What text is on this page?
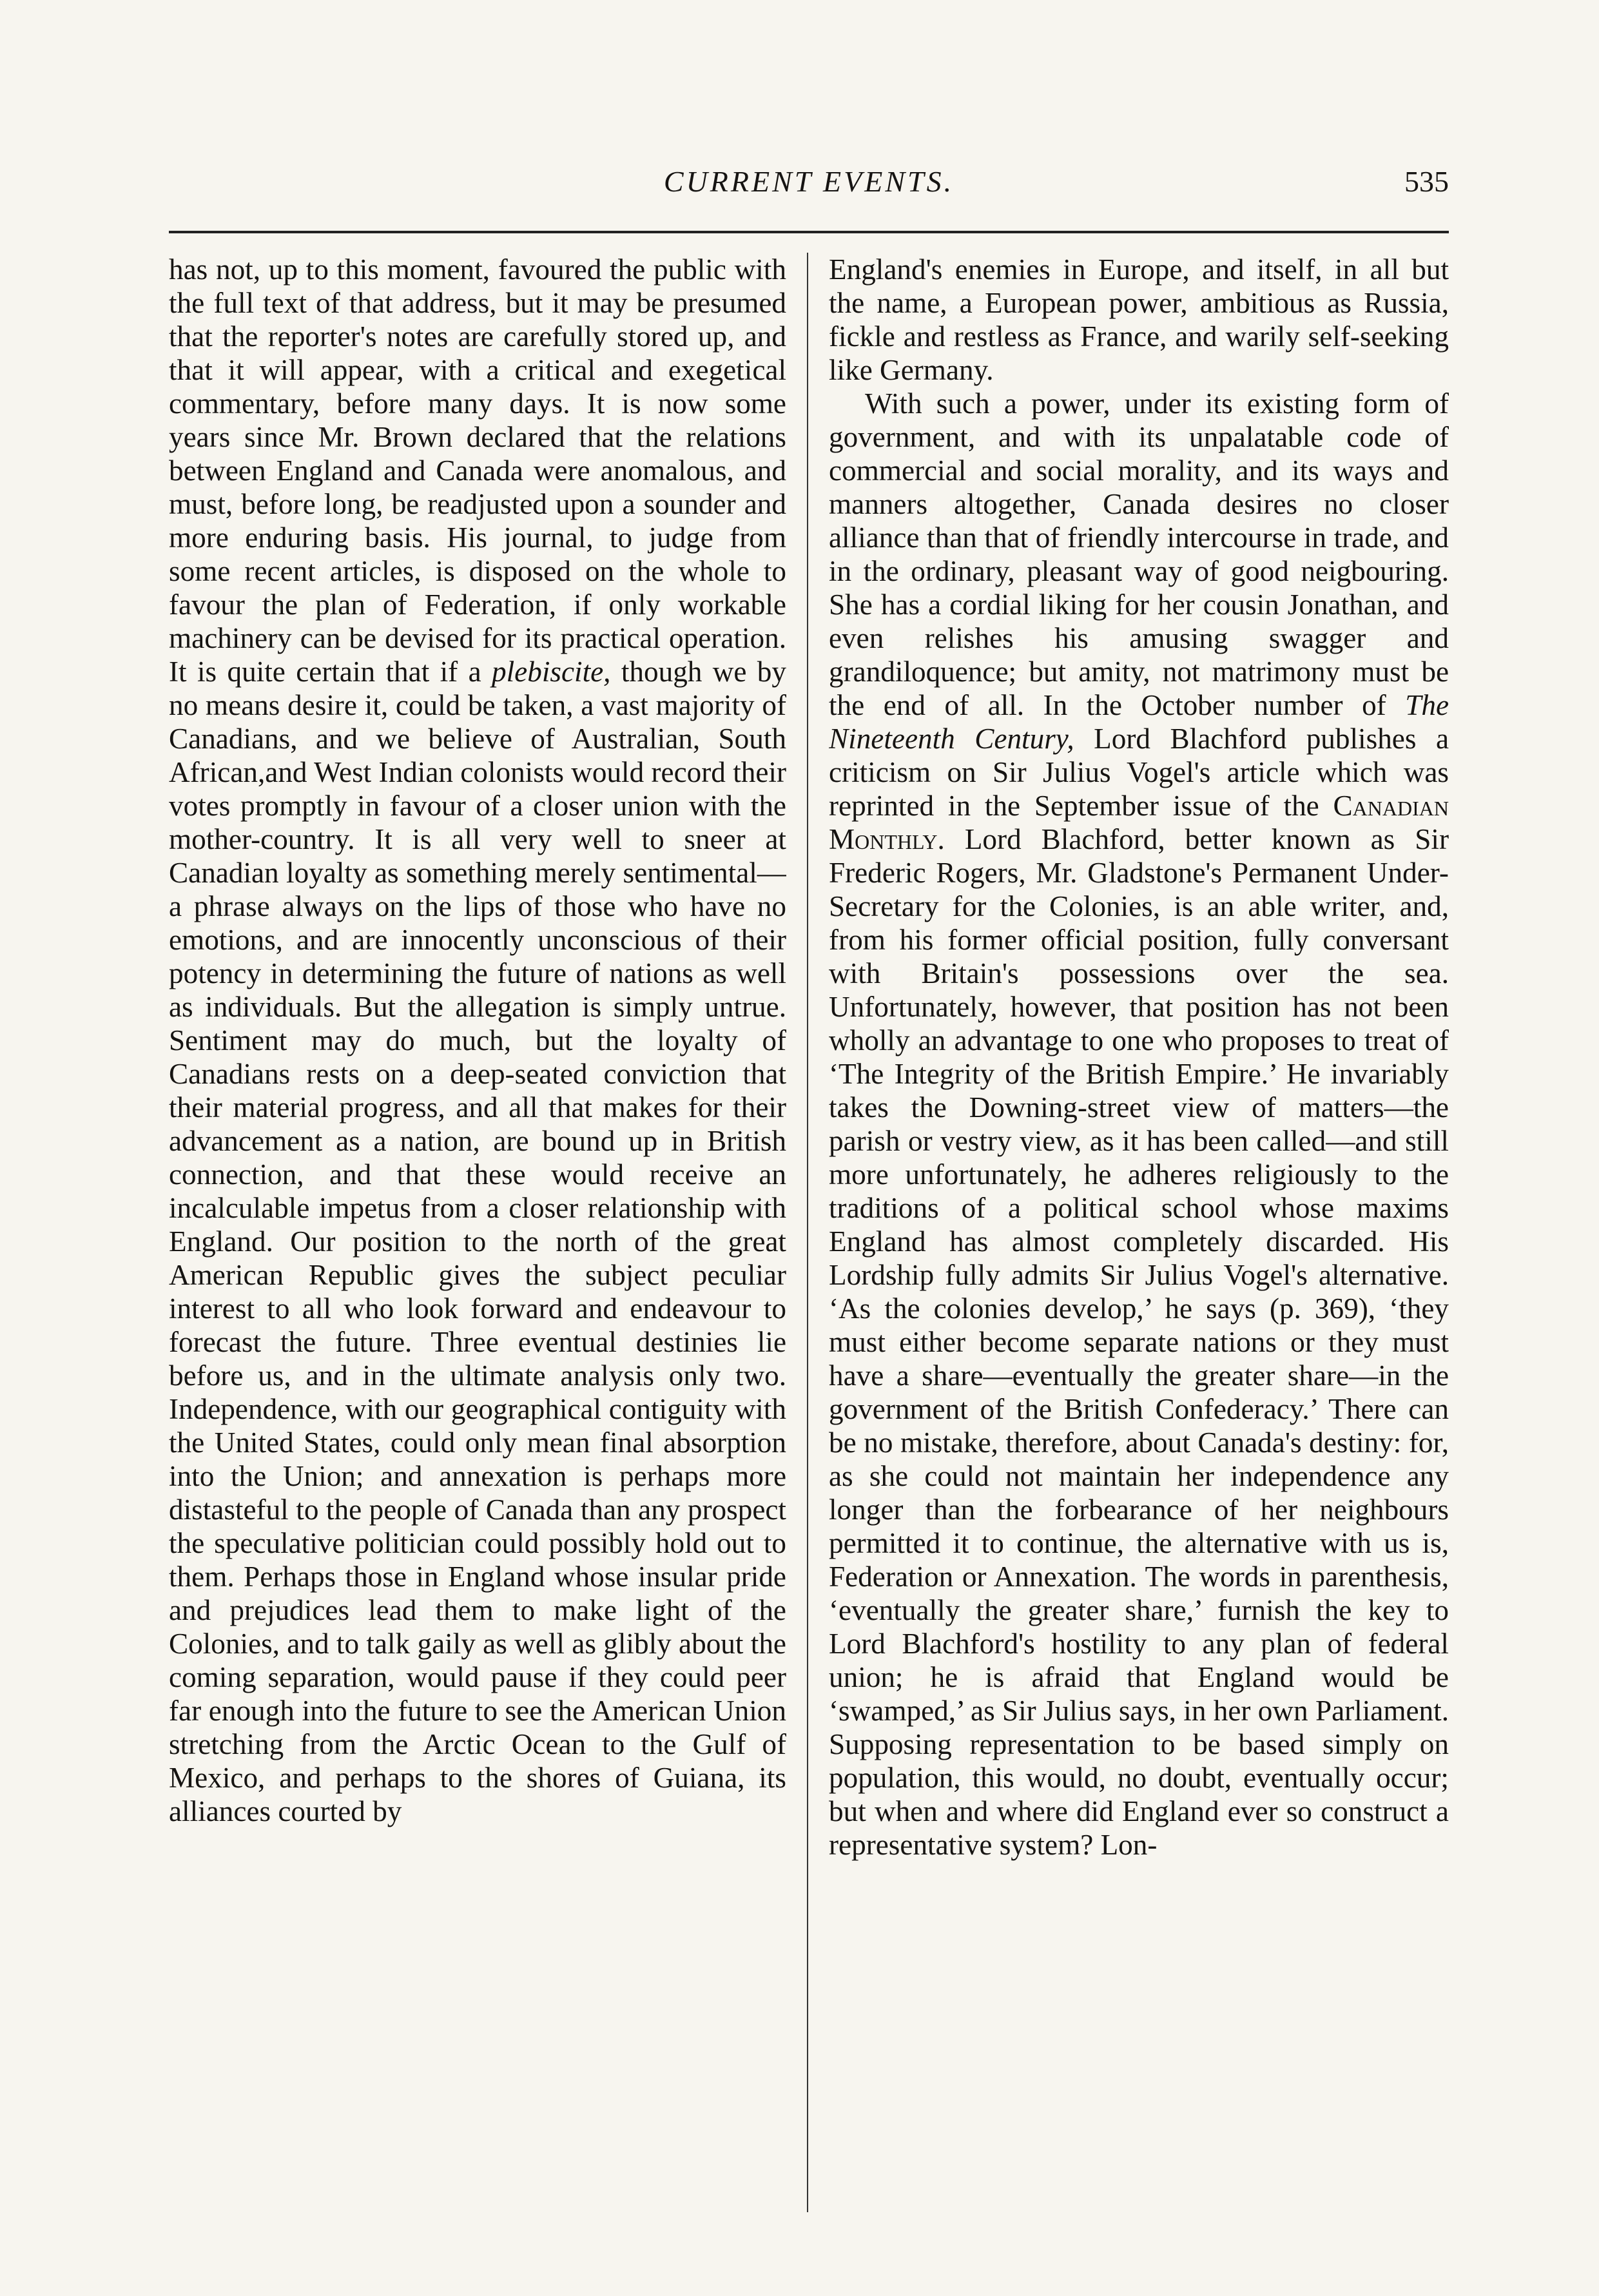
CURRENT EVENTS.	535

has not, up to this moment, favoured the public with the full text of that address, but it may be presumed that the reporter's notes are carefully stored up, and that it will appear, with a critical and exegetical commentary, before many days. It is now some years since Mr. Brown declared that the relations between England and Canada were anomalous, and must, before long, be readjusted upon a sounder and more enduring basis. His journal, to judge from some recent articles, is disposed on the whole to favour the plan of Federation, if only workable machinery can be devised for its practical operation. It is quite certain that if a plebiscite, though we by no means desire it, could be taken, a vast majority of Canadians, and we believe of Australian, South African,and West Indian colonists would record their votes promptly in favour of a closer union with the mother-country. It is all very well to sneer at Canadian loyalty as something merely sentimental—a phrase always on the lips of those who have no emotions, and are innocently unconscious of their potency in determining the future of nations as well as individuals. But the allegation is simply untrue. Sentiment may do much, but the loyalty of Canadians rests on a deep-seated conviction that their material progress, and all that makes for their advancement as a nation, are bound up in British connection, and that these would receive an incalculable impetus from a closer relationship with England. Our position to the north of the great American Republic gives the subject peculiar interest to all who look forward and endeavour to forecast the future. Three eventual destinies lie before us, and in the ultimate analysis only two. Independence, with our geographical contiguity with the United States, could only mean final absorption into the Union; and annexation is perhaps more distasteful to the people of Canada than any prospect the speculative politician could possibly hold out to them. Perhaps those in England whose insular pride and prejudices lead them to make light of the Colonies, and to talk gaily as well as glibly about the coming separation, would pause if they could peer far enough into the future to see the American Union stretching from the Arctic Ocean to the Gulf of Mexico, and perhaps to the shores of Guiana, its alliances courted by

England's enemies in Europe, and itself, in all but the name, a European power, ambitious as Russia, fickle and restless as France, and warily self-seeking like Germany.

With such a power, under its existing form of government, and with its unpalatable code of commercial and social morality, and its ways and manners altogether, Canada desires no closer alliance than that of friendly intercourse in trade, and in the ordinary, pleasant way of good neigbouring. She has a cordial liking for her cousin Jonathan, and even relishes his amusing swagger and grandiloquence; but amity, not matrimony must be the end of all. In the October number of The Nineteenth Century, Lord Blachford publishes a criticism on Sir Julius Vogel's article which was reprinted in the September issue of the Canadian Monthly. Lord Blachford, better known as Sir Frederic Rogers, Mr. Gladstone's Permanent Under-Secretary for the Colonies, is an able writer, and, from his former official position, fully conversant with Britain's possessions over the sea. Unfortunately, however, that position has not been wholly an advantage to one who proposes to treat of ‘The Integrity of the British Empire.’ He invariably takes the Downing-street view of matters—the parish or vestry view, as it has been called—and still more unfortunately, he adheres religiously to the traditions of a political school whose maxims England has almost completely discarded. His Lordship fully admits Sir Julius Vogel's alternative. ‘As the colonies develop,’ he says (p. 369), ‘they must either become separate nations or they must have a share—eventually the greater share—in the government of the British Confederacy.’ There can be no mistake, therefore, about Canada's destiny: for, as she could not maintain her independence any longer than the forbearance of her neighbours permitted it to continue, the alternative with us is, Federation or Annexation. The words in parenthesis, ‘eventually the greater share,’ furnish the key to Lord Blachford's hostility to any plan of federal union; he is afraid that England would be ‘swamped,’ as Sir Julius says, in her own Parliament. Supposing representation to be based simply on population, this would, no doubt, eventually occur; but when and where did England ever so construct a representative system? Lon-
